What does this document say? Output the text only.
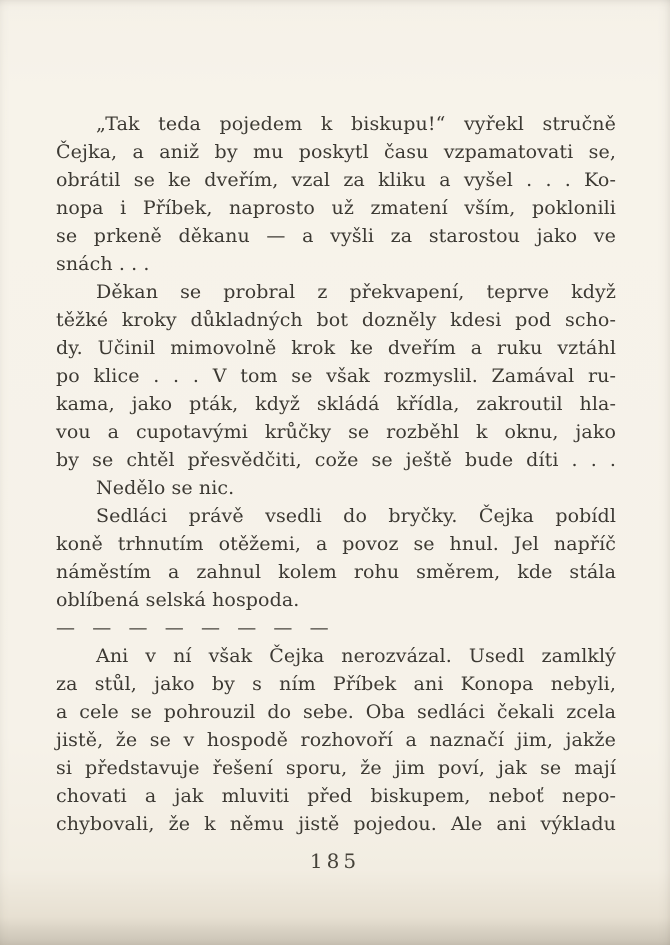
„Tak teda pojedem k biskupu!“ vyřekl stručně
Čejka, a aniž by mu poskytl času vzpamatovati se,
obrátil se ke dveřím, vzal za kliku a vyšel . . . Ko-
nopa i Příbek, naprosto už zmatení vším, poklonili
se prkeně děkanu — a vyšli za starostou jako ve
snách . . .

Děkan se probral z překvapení, teprve když
těžké kroky důkladných bot dozněly kdesi pod scho-
dy. Učinil mimovolně krok ke dveřím a ruku vztáhl
po klice . . . V tom se však rozmyslil. Zamával ru-
kama, jako pták, když skládá křídla, zakroutil hla-
vou a cupotavými krůčky se rozběhl k oknu, jako
by se chtěl přesvědčiti, cože se ještě bude díti . . .

Nedělo se nic.

Sedláci právě vsedli do bryčky. Čejka pobídl
koně trhnutím otěžemi, a povoz se hnul. Jel napříč
náměstím a zahnul kolem rohu směrem, kde stála
oblíbená selská hospoda.

— — — — — — — —

Ani v ní však Čejka nerozvázal. Usedl zamlklý
za stůl, jako by s ním Příbek ani Konopa nebyli,
a cele se pohrouzil do sebe. Oba sedláci čekali zcela
jistě, že se v hospodě rozhovoří a naznačí jim, jakže
si představuje řešení sporu, že jim poví, jak se mají
chovati a jak mluviti před biskupem, neboť nepo-
chybovali, že k němu jistě pojedou. Ale ani výkladu

185
